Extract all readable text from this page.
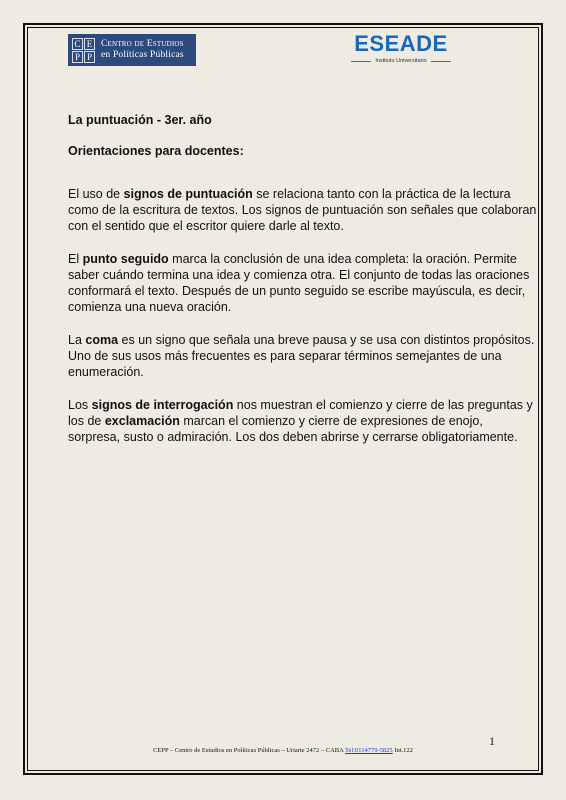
C E
P P
Centro de Estudios
en Políticas Públicas	ESEADE
Instituto Universitario
La puntuación - 3er. año
Orientaciones para docentes:
El uso de signos de puntuación se relaciona tanto con la práctica de la lectura
como de la escritura de textos. Los signos de puntuación son señales que colaboran
con el sentido que el escritor quiere darle al texto.
El punto seguido marca la conclusión de una idea completa: la oración. Permite
saber cuándo termina una idea y comienza otra. El conjunto de todas las oraciones
conformará el texto. Después de un punto seguido se escribe mayúscula, es decir,
comienza una nueva oración.
La coma es un signo que señala una breve pausa y se usa con distintos propósitos.
Uno de sus usos más frecuentes es para separar términos semejantes de una
enumeración.
Los signos de interrogación nos muestran el comienzo y cierre de las preguntas y
los de exclamación marcan el comienzo y cierre de expresiones de enojo,
sorpresa, susto o admiración. Los dos deben abrirse y cerrarse obligatoriamente.
1
CEPP – Centro de Estudios en Políticas Públicas – Uriarte 2472 – CABA Tel:0114779-5825 Int.122
